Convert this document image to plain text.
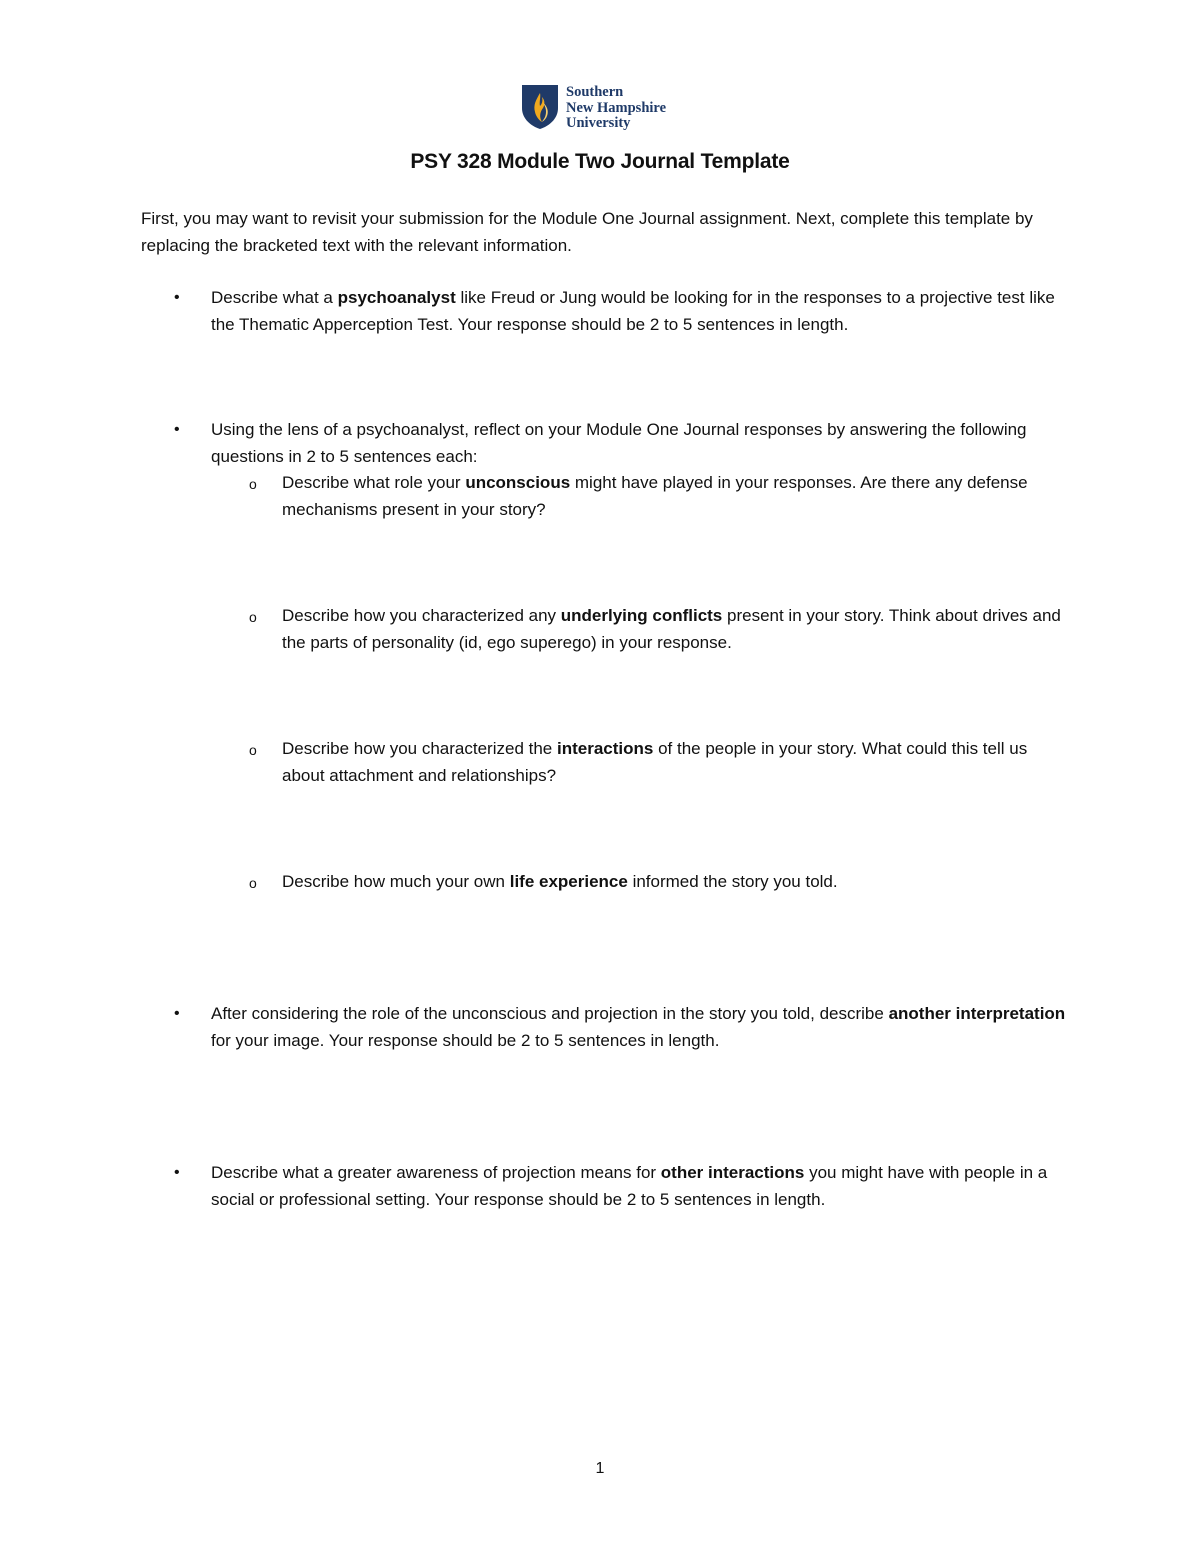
Southern
New Hampshire
University
PSY 328 Module Two Journal Template
First, you may want to revisit your submission for the Module One Journal assignment. Next, complete this template by replacing the bracketed text with the relevant information.
• Describe what a psychoanalyst like Freud or Jung would be looking for in the responses to a projective test like the Thematic Apperception Test. Your response should be 2 to 5 sentences in length.
• Using the lens of a psychoanalyst, reflect on your Module One Journal responses by answering the following questions in 2 to 5 sentences each:
o Describe what role your unconscious might have played in your responses. Are there any defense mechanisms present in your story?
o Describe how you characterized any underlying conflicts present in your story. Think about drives and the parts of personality (id, ego superego) in your response.
o Describe how you characterized the interactions of the people in your story. What could this tell us about attachment and relationships?
o Describe how much your own life experience informed the story you told.
• After considering the role of the unconscious and projection in the story you told, describe another interpretation for your image. Your response should be 2 to 5 sentences in length.
• Describe what a greater awareness of projection means for other interactions you might have with people in a social or professional setting. Your response should be 2 to 5 sentences in length.
1
